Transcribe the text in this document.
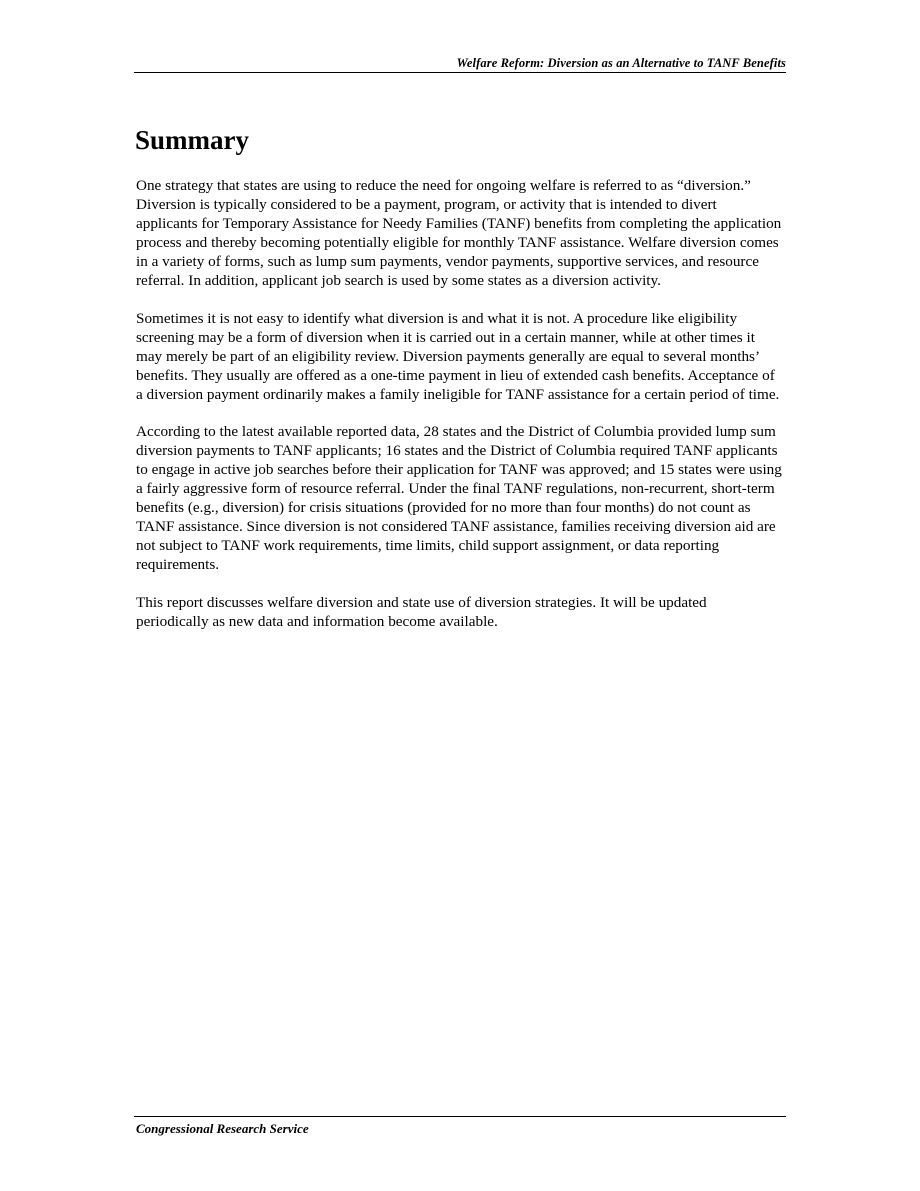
Welfare Reform: Diversion as an Alternative to TANF Benefits
Summary

One strategy that states are using to reduce the need for ongoing welfare is referred to as “diversion.” Diversion is typically considered to be a payment, program, or activity that is intended to divert applicants for Temporary Assistance for Needy Families (TANF) benefits from completing the application process and thereby becoming potentially eligible for monthly TANF assistance. Welfare diversion comes in a variety of forms, such as lump sum payments, vendor payments, supportive services, and resource referral. In addition, applicant job search is used by some states as a diversion activity.

Sometimes it is not easy to identify what diversion is and what it is not. A procedure like eligibility screening may be a form of diversion when it is carried out in a certain manner, while at other times it may merely be part of an eligibility review. Diversion payments generally are equal to several months’ benefits. They usually are offered as a one-time payment in lieu of extended cash benefits. Acceptance of a diversion payment ordinarily makes a family ineligible for TANF assistance for a certain period of time.

According to the latest available reported data, 28 states and the District of Columbia provided lump sum diversion payments to TANF applicants; 16 states and the District of Columbia required TANF applicants to engage in active job searches before their application for TANF was approved; and 15 states were using a fairly aggressive form of resource referral. Under the final TANF regulations, non-recurrent, short-term benefits (e.g., diversion) for crisis situations (provided for no more than four months) do not count as TANF assistance. Since diversion is not considered TANF assistance, families receiving diversion aid are not subject to TANF work requirements, time limits, child support assignment, or data reporting requirements.

This report discusses welfare diversion and state use of diversion strategies. It will be updated periodically as new data and information become available.

Congressional Research Service
